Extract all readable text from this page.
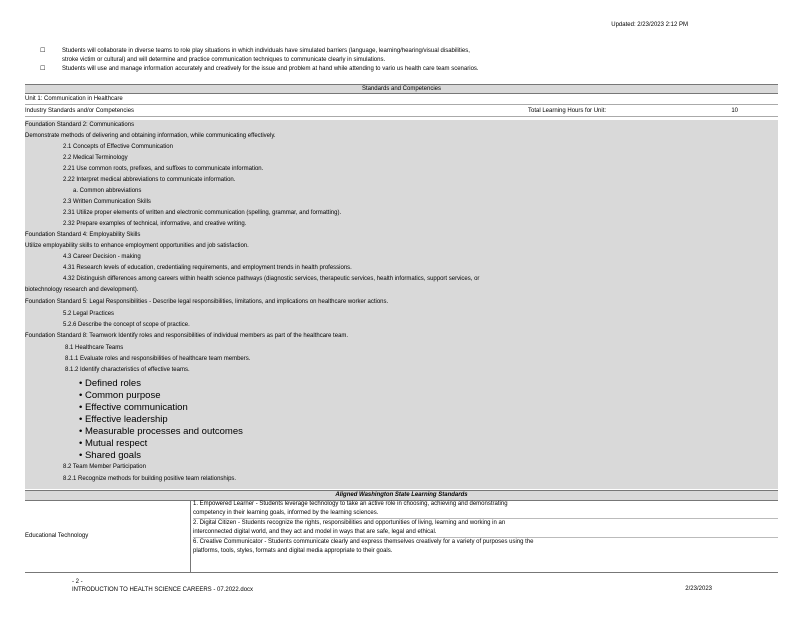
Updated: 2/23/2023 2:12 PM
☐	Students will collaborate in diverse teams to role play situations in which individuals have simulated barriers (language, learning/hearing/visual disabilities,
stroke victim or cultural) and will determine and practice communication techniques to communicate clearly in simulations.
☐	Students will use and manage information accurately and creatively for the issue and problem at hand while attending to vario us health care team scenarios.
Standards and Competencies
Unit 1: Communication in Healthcare
Industry Standards and/or Competencies	Total Learning Hours for Unit:	10
Foundation Standard 2: Communications
Demonstrate methods of delivering and obtaining information, while communicating effectively.
2.1 Concepts of Effective Communication
2.2 Medical Terminology
2.21 Use common roots, prefixes, and suffixes to communicate information.
2.22 Interpret medical abbreviations to communicate information.
a. Common abbreviations
2.3 Written Communication Skills
2.31 Utilize proper elements of written and electronic communication (spelling, grammar, and formatting).
2.32 Prepare examples of technical, informative, and creative writing.
Foundation Standard 4: Employability Skills
Utilize employability skills to enhance employment opportunities and job satisfaction.
4.3 Career Decision - making
4.31 Research levels of education, credentialing requirements, and employment trends in health professions.
4.32 Distinguish differences among careers within health science pathways (diagnostic services, therapeutic services, health informatics, support services, or
biotechnology research and development).
Foundation Standard 5: Legal Responsibilities - Describe legal responsibilities, limitations, and implications on healthcare worker actions.
5.2 Legal Practices
5.2.6 Describe the concept of scope of practice.
Foundation Standard 8: Teamwork Identify roles and responsibilities of individual members as part of the healthcare team.
8.1 Healthcare Teams
8.1.1 Evaluate roles and responsibilities of healthcare team members.
8.1.2 Identify characteristics of effective teams.
• Defined roles
• Common purpose
• Effective communication
• Effective leadership
• Measurable processes and outcomes
• Mutual respect
• Shared goals
8.2 Team Member Participation
8.2.1 Recognize methods for building positive team relationships.
Aligned Washington State Learning Standards
Educational Technology
1. Empowered Learner - Students leverage technology to take an active role in choosing, achieving and demonstrating
competency in their learning goals, informed by the learning sciences.
2. Digital Citizen - Students recognize the rights, responsibilities and opportunities of living, learning and working in an
interconnected digital world, and they act and model in ways that are safe, legal and ethical.
6. Creative Communicator - Students communicate clearly and express themselves creatively for a variety of purposes using the
platforms, tools, styles, formats and digital media appropriate to their goals.
- 2 -
INTRODUCTION TO HEALTH SCIENCE CAREERS - 07.2022.docx	2/23/2023
